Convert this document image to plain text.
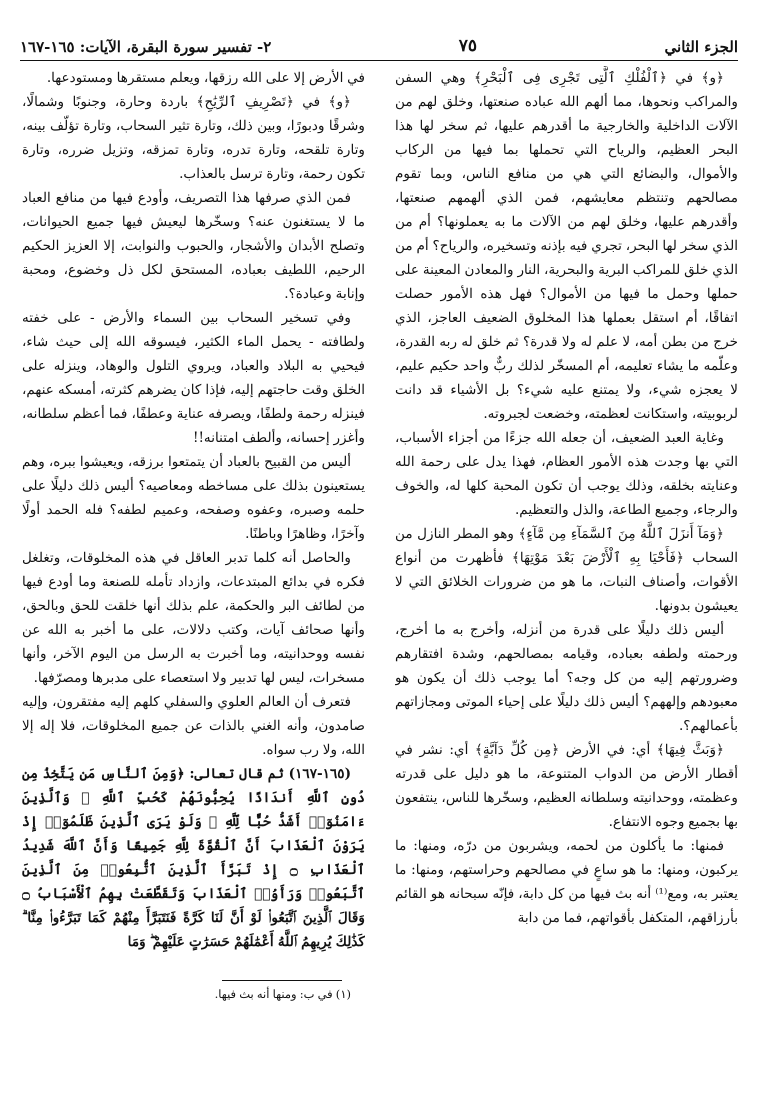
الجزء الثاني
٧٥
٢- تفسير سورة البقرة، الآيات: ١٦٥-١٦٧

﴿و﴾ في ﴿ٱلْفُلْكِ ٱلَّتِى تَجْرِى فِى ٱلْبَحْرِ﴾ وهي السفن والمراكب ونحوها، مما ألهم الله عباده صنعتها، وخلق لهم من الآلات الداخلية والخارجية ما أقدرهم عليها، ثم سخر لها هذا البحر العظيم، والرياح التي تحملها بما فيها من الركاب والأموال، والبضائع التي هي من منافع الناس، وبما تقوم مصالحهم وتنتظم معايشهم، فمن الذي ألهمهم صنعتها، وأقدرهم عليها، وخلق لهم من الآلات ما به يعملونها؟ أم من الذي سخر لها البحر، تجري فيه بإذنه وتسخيره، والرياح؟ أم من الذي خلق للمراكب البرية والبحرية، النار والمعادن المعينة على حملها وحمل ما فيها من الأموال؟ فهل هذه الأمور حصلت اتفاقًا، أم استقل بعملها هذا المخلوق الضعيف العاجز، الذي خرج من بطن أمه، لا علم له ولا قدرة؟ ثم خلق له ربه القدرة، وعلّمه ما يشاء تعليمه، أم المسخّر لذلك ربٌّ واحد حكيم عليم، لا يعجزه شيء، ولا يمتنع عليه شيء؟ بل الأشياء قد دانت لربوبيته، واستكانت لعظمته، وخضعت لجبروته.

وغاية العبد الضعيف، أن جعله الله جزءًا من أجزاء الأسباب، التي بها وجدت هذه الأمور العظام، فهذا يدل على رحمة الله وعنايته بخلقه، وذلك يوجب أن تكون المحبة كلها له، والخوف والرجاء، وجميع الطاعة، والذل والتعظيم.

﴿وَمَآ أَنزَلَ ٱللَّهُ مِنَ ٱلسَّمَآءِ مِن مَّآءٍ﴾ وهو المطر النازل من السحاب ﴿فَأَحْيَا بِهِ ٱلْأَرْضَ بَعْدَ مَوْتِهَا﴾ فأظهرت من أنواع الأقوات، وأصناف النبات، ما هو من ضرورات الخلائق التي لا يعيشون بدونها.

أليس ذلك دليلًا على قدرة من أنزله، وأخرج به ما أخرج، ورحمته ولطفه بعباده، وقيامه بمصالحهم، وشدة افتقارهم وضرورتهم إليه من كل وجه؟ أما يوجب ذلك أن يكون هو معبودهم وإلههم؟ أليس ذلك دليلًا على إحياء الموتى ومجازاتهم بأعمالهم؟.

﴿وَبَثَّ فِيهَا﴾ أي: في الأرض ﴿مِن كُلِّ دَآبَّةٍ﴾ أي: نشر في أقطار الأرض من الدواب المتنوعة، ما هو دليل على قدرته وعظمته، ووحدانيته وسلطانه العظيم، وسخّرها للناس، ينتفعون بها بجميع وجوه الانتفاع.

فمنها: ما يأكلون من لحمه، ويشربون من درّه، ومنها: ما يركبون، ومنها: ما هو ساعٍ في مصالحهم وحراستهم، ومنها: ما يعتبر به، ومع⁽¹⁾ أنه بث فيها من كل دابة، فإنّه سبحانه هو القائم بأرزاقهم، المتكفل بأقواتهم، فما من دابة

في الأرض إلا على الله رزقها، ويعلم مستقرها ومستودعها.

﴿و﴾ في ﴿تَصْرِيفِ ٱلرِّيَٰحِ﴾ باردة وحارة، وجنوبًا وشمالًا، وشرقًا ودبورًا، وبين ذلك، وتارة تثير السحاب، وتارة تؤلّف بينه، وتارة تلقحه، وتارة تدره، وتارة تمزقه، وتزيل ضرره، وتارة تكون رحمة، وتارة ترسل بالعذاب.

فمن الذي صرفها هذا التصريف، وأودع فيها من منافع العباد ما لا يستغنون عنه؟ وسخّرها ليعيش فيها جميع الحيوانات، وتصلح الأبدان والأشجار، والحبوب والنوابت، إلا العزيز الحكيم الرحيم، اللطيف بعباده، المستحق لكل ذل وخضوع، ومحبة وإنابة وعبادة؟.

وفي تسخير السحاب بين السماء والأرض - على خفته ولطافته - يحمل الماء الكثير، فيسوقه الله إلى حيث شاء، فيحيي به البلاد والعباد، ويروي التلول والوهاد، وينزله على الخلق وقت حاجتهم إليه، فإذا كان يضرهم كثرته، أمسكه عنهم، فينزله رحمة ولطفًا، ويصرفه عناية وعطفًا، فما أعظم سلطانه، وأغزر إحسانه، وألطف امتنانه!!

أليس من القبيح بالعباد أن يتمتعوا برزقه، ويعيشوا ببره، وهم يستعينون بذلك على مساخطه ومعاصيه؟ أليس ذلك دليلًا على حلمه وصبره، وعفوه وصفحه، وعميم لطفه؟ فله الحمد أولًا وآخرًا، وظاهرًا وباطنًا.

والحاصل أنه كلما تدبر العاقل في هذه المخلوقات، وتغلغل فكره في بدائع المبتدعات، وازداد تأمله للصنعة وما أودع فيها من لطائف البر والحكمة، علم بذلك أنها خلقت للحق وبالحق، وأنها صحائف آيات، وكتب دلالات، على ما أخبر به الله عن نفسه ووحدانيته، وما أخبرت به الرسل من اليوم الآخر، وأنها مسخرات، ليس لها تدبير ولا استعصاء على مدبرها ومصرّفها.

فتعرف أن العالم العلوي والسفلي كلهم إليه مفتقرون، وإليه صامدون، وأنه الغني بالذات عن جميع المخلوقات، فلا إله إلا الله، ولا رب سواه.

(١٦٥-١٦٧) ثم قال تعالى: ﴿وَمِنَ ٱلنَّاسِ مَن يَتَّخِذُ مِن دُونِ ٱللَّهِ أَندَادًا يُحِبُّونَهُمْ كَحُبِّ ٱللَّهِ ۖ وَٱلَّذِينَ ءَامَنُوٓا۟ أَشَدُّ حُبًّا لِّلَّهِ ۗ وَلَوْ يَرَى ٱلَّذِينَ ظَلَمُوٓا۟ إِذْ يَرَوْنَ ٱلْعَذَابَ أَنَّ ٱلْقُوَّةَ لِلَّهِ جَمِيعًا وَأَنَّ ٱللَّهَ شَدِيدُ ٱلْعَذَابِ ۝ إِذْ تَبَرَّأَ ٱلَّذِينَ ٱتُّبِعُوا۟ مِنَ ٱلَّذِينَ ٱتَّبَعُوا۟ وَرَأَوُا۟ ٱلْعَذَابَ وَتَقَطَّعَتْ بِهِمُ ٱلْأَسْبَابُ ۝ وَقَالَ ٱلَّذِينَ ٱتَّبَعُوا۟ لَوْ أَنَّ لَنَا كَرَّةً فَنَتَبَرَّأَ مِنْهُمْ كَمَا تَبَرَّءُوا۟ مِنَّا ۗ كَذَٰلِكَ يُرِيهِمُ ٱللَّهُ أَعْمَٰلَهُمْ حَسَرَٰتٍ عَلَيْهِمْ ۖ وَمَا

(١) في ب: ومنها أنه بث فيها.
